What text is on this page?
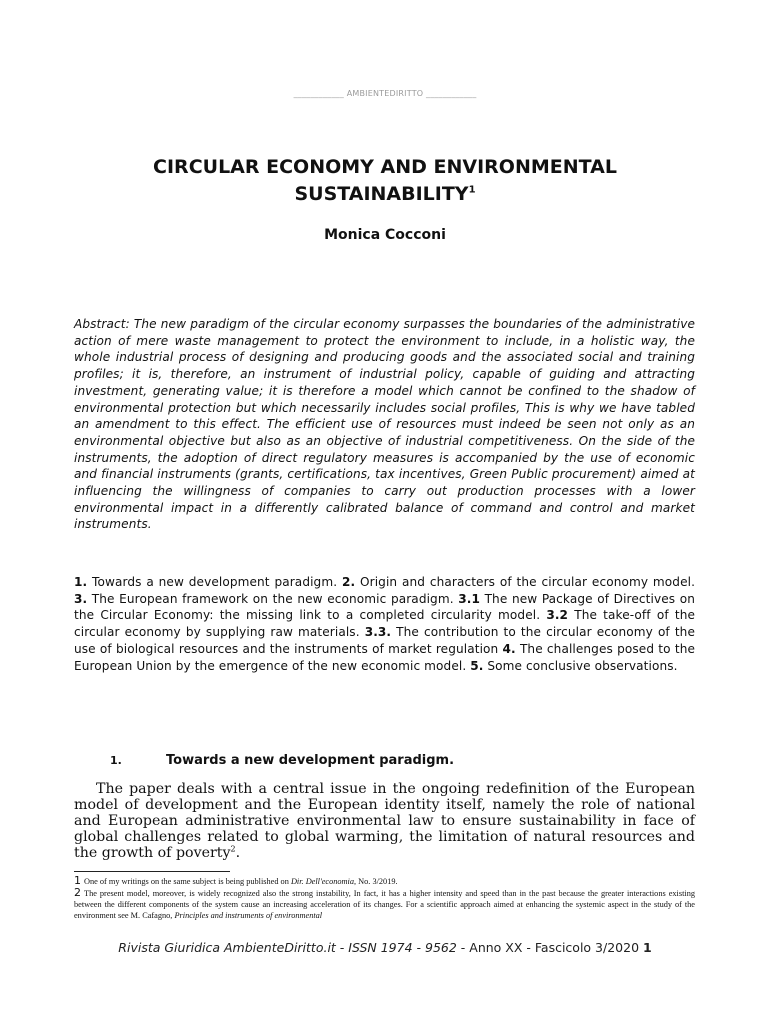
____________ AMBIENTEDIRITTO ____________
CIRCULAR ECONOMY AND ENVIRONMENTAL SUSTAINABILITY$^1$
Monica Cocconi
Abstract: The new paradigm of the circular economy surpasses the boundaries of the administrative action of mere waste management to protect the environment to include, in a holistic way, the whole industrial process of designing and producing goods and the associated social and training profiles; it is, therefore, an instrument of industrial policy, capable of guiding and attracting investment, generating value; it is therefore a model which cannot be confined to the shadow of environmental protection but which necessarily includes social profiles, This is why we have tabled an amendment to this effect. The efficient use of resources must indeed be seen not only as an environmental objective but also as an objective of industrial competitiveness. On the side of the instruments, the adoption of direct regulatory measures is accompanied by the use of economic and financial instruments (grants, certifications, tax incentives, Green Public procurement) aimed at influencing the willingness of companies to carry out production processes with a lower environmental impact in a differently calibrated balance of command and control and market instruments.
1. Towards a new development paradigm. 2. Origin and characters of the circular economy model. 3. The European framework on the new economic paradigm. 3.1 The new Package of Directives on the Circular Economy: the missing link to a completed circularity model. 3.2 The take-off of the circular economy by supplying raw materials. 3.3. The contribution to the circular economy of the use of biological resources and the instruments of market regulation 4. The challenges posed to the European Union by the emergence of the new economic model. 5. Some conclusive observations.
1.	Towards a new development paradigm.
The paper deals with a central issue in the ongoing redefinition of the European model of development and the European identity itself, namely the role of national and European administrative environmental law to ensure sustainability in face of global challenges related to global warming, the limitation of natural resources and the growth of poverty$^2$.

1 One of my writings on the same subject is being published on Dir. Dell'economia, No. 3/2019.

2 The present model, moreover, is widely recognized also the strong instability, In fact, it has a higher intensity and speed than in the past because the greater interactions existing between the different components of the system cause an increasing acceleration of its changes. For a scientific approach aimed at enhancing the systemic aspect in the study of the environment see M. Cafagno, Principles and instruments of environmental

Rivista Giuridica AmbienteDiritto.it - ISSN 1974 - 9562 - Anno XX - Fascicolo 3/2020 1
